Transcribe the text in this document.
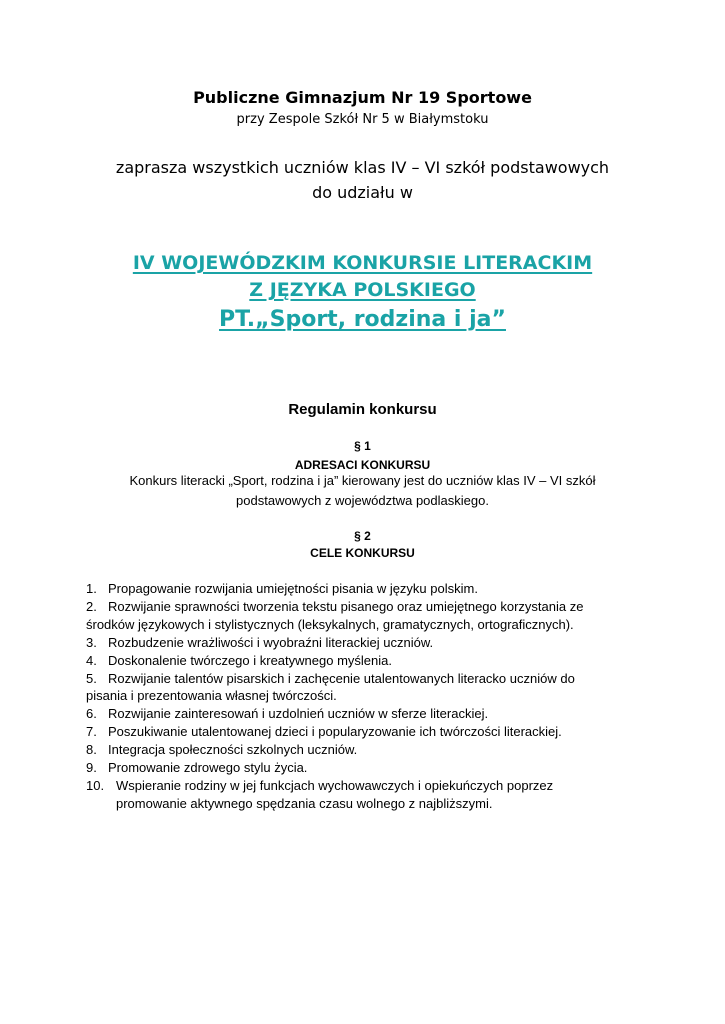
Publiczne Gimnazjum Nr 19 Sportowe
przy Zespole Szkół Nr 5 w Białymstoku
zaprasza wszystkich uczniów klas IV – VI szkół podstawowych
do udziału w
IV WOJEWÓDZKIM KONKURSIE LITERACKIM
Z JĘZYKA POLSKIEGO
PT.„Sport, rodzina i ja”
Regulamin konkursu
§ 1
ADRESACI KONKURSU
Konkurs literacki „Sport, rodzina i ja” kierowany jest do uczniów klas IV – VI szkół
podstawowych z województwa podlaskiego.
§ 2
CELE KONKURSU
1. Propagowanie rozwijania umiejętności pisania w języku polskim.
2. Rozwijanie sprawności tworzenia tekstu pisanego oraz umiejętnego korzystania ze
środków językowych i stylistycznych (leksykalnych, gramatycznych, ortograficznych).
3. Rozbudzenie wrażliwości i wyobraźni literackiej uczniów.
4. Doskonalenie twórczego i kreatywnego myślenia.
5. Rozwijanie talentów pisarskich i zachęcenie utalentowanych literacko uczniów do
pisania i prezentowania własnej twórczości.
6. Rozwijanie zainteresowań i uzdolnień uczniów w sferze literackiej.
7. Poszukiwanie utalentowanej dzieci i popularyzowanie ich twórczości literackiej.
8. Integracja społeczności szkolnych uczniów.
9. Promowanie zdrowego stylu życia.
10. Wspieranie rodziny w jej funkcjach wychowawczych i opiekuńczych poprzez
promowanie aktywnego spędzania czasu wolnego z najbliższymi.
